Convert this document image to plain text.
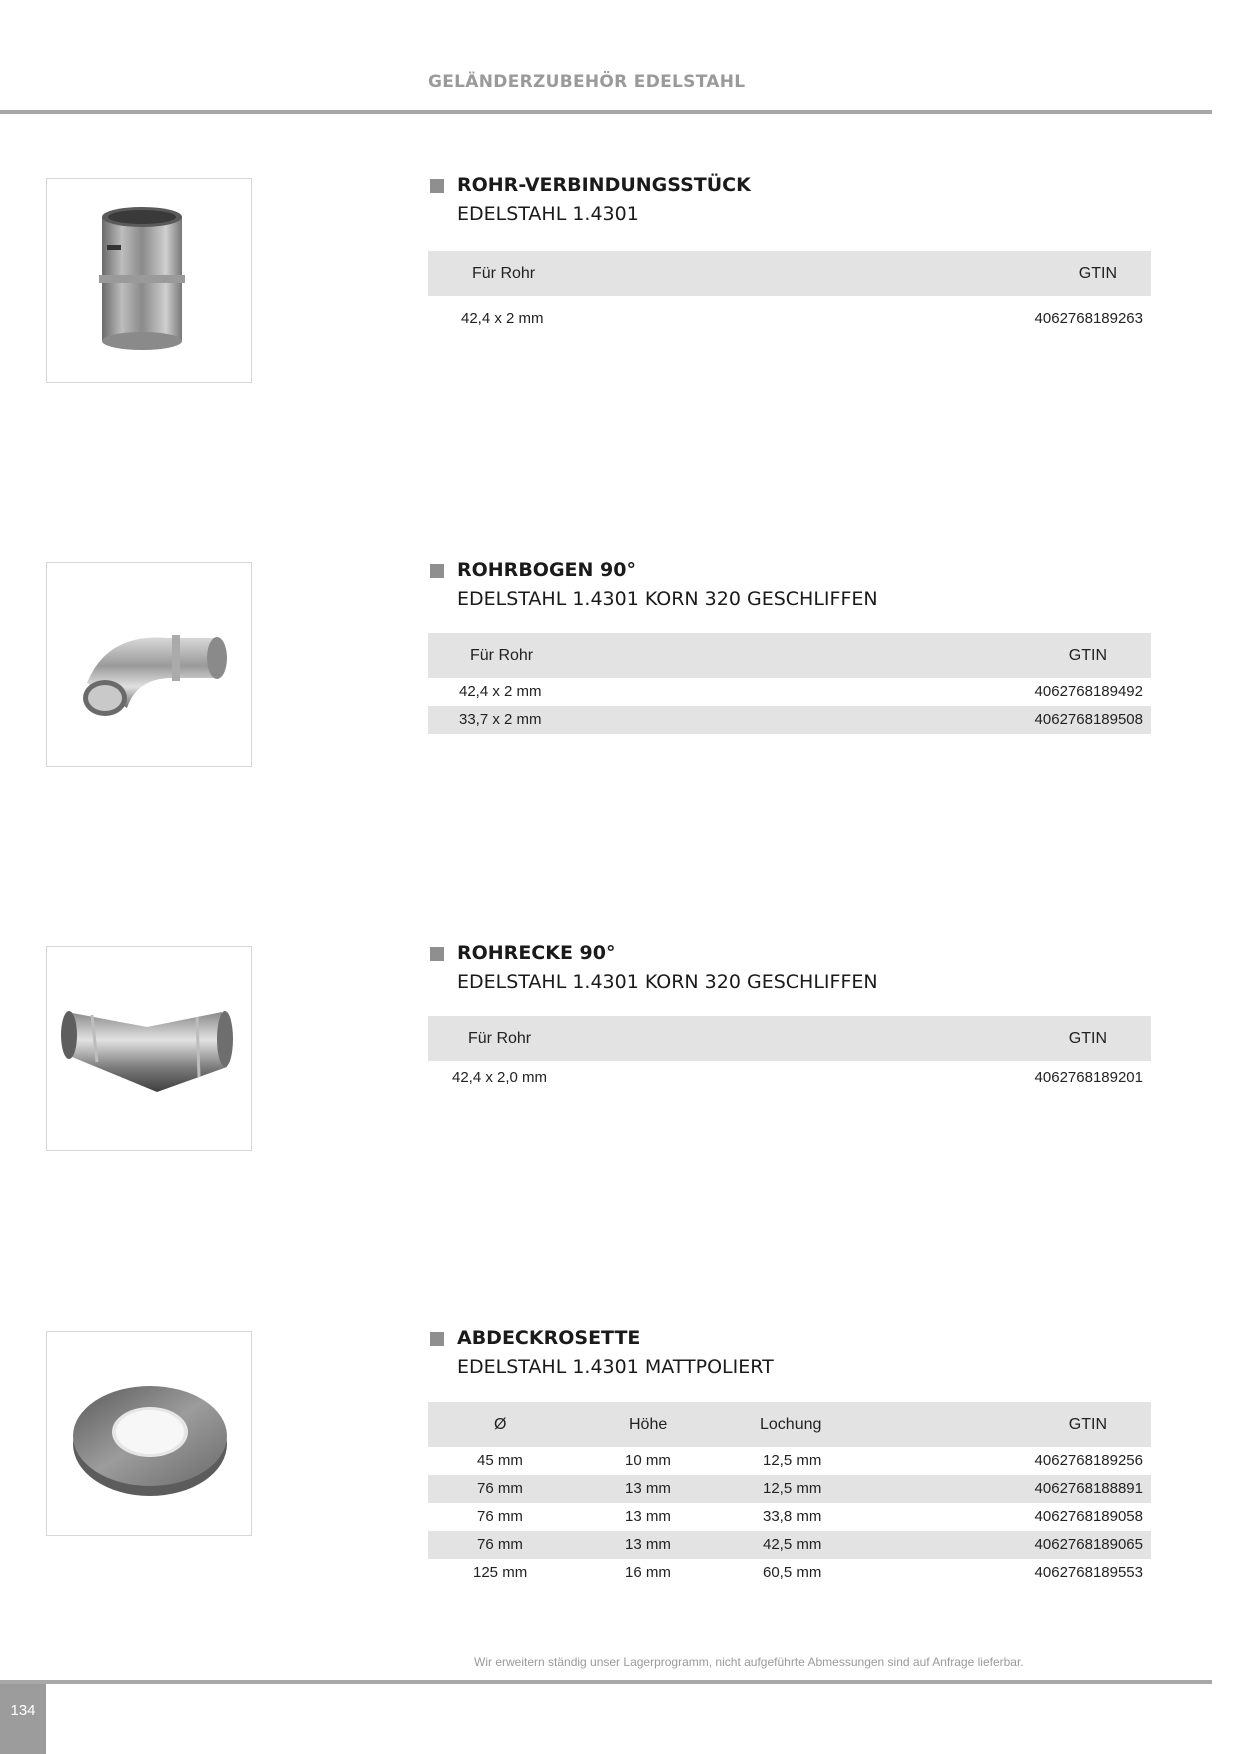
GELÄNDERZUBEHÖR EDELSTAHL
ROHR-VERBINDUNGSSTÜCK
EDELSTAHL 1.4301
Für Rohr	GTIN
42,4 x 2 mm	4062768189263
ROHRBOGEN 90°
EDELSTAHL 1.4301 KORN 320 GESCHLIFFEN
Für Rohr	GTIN
42,4 x 2 mm	4062768189492
33,7 x 2 mm	4062768189508
ROHRECKE 90°
EDELSTAHL 1.4301 KORN 320 GESCHLIFFEN
Für Rohr	GTIN
42,4 x 2,0 mm	4062768189201
ABDECKROSETTE
EDELSTAHL 1.4301 MATTPOLIERT
Ø	Höhe	Lochung	GTIN
45 mm	10 mm	12,5 mm	4062768189256
76 mm	13 mm	12,5 mm	4062768188891
76 mm	13 mm	33,8 mm	4062768189058
76 mm	13 mm	42,5 mm	4062768189065
125 mm	16 mm	60,5 mm	4062768189553
Wir erweitern ständig unser Lagerprogramm, nicht aufgeführte Abmessungen sind auf Anfrage lieferbar.
134
